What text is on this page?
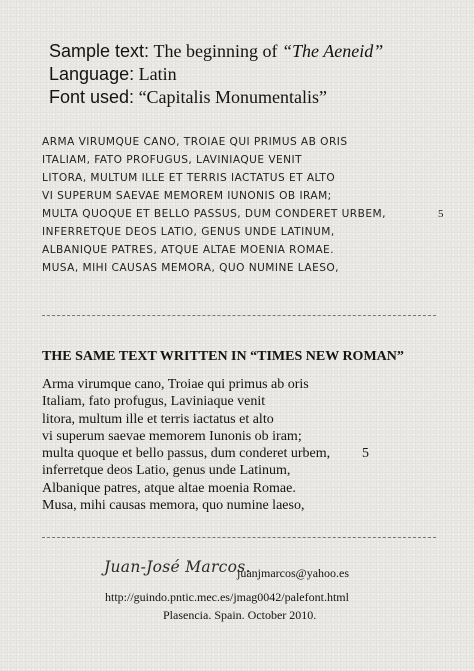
Sample text: The beginning of “The Aeneid”
Language: Latin
Font used: “Capitalis Monumentalis”
ARMA VIRUMQUE CANO, TROIAE QUI PRIMUS AB ORIS
ITALIAM, FATO PROFUGUS, LAVINIAQUE VENIT
LITORA, MULTUM ILLE ET TERRIS IACTATUS ET ALTO
VI SUPERUM SAEVAE MEMOREM IUNONIS OB IRAM;
MULTA QUOQUE ET BELLO PASSUS, DUM CONDERET URBEM,	5
INFERRETQUE DEOS LATIO, GENUS UNDE LATINUM,
ALBANIQUE PATRES, ATQUE ALTAE MOENIA ROMAE.
MUSA, MIHI CAUSAS MEMORA, QUO NUMINE LAESO,
THE SAME TEXT WRITTEN IN “TIMES NEW ROMAN”
Arma virumque cano, Troiae qui primus ab oris
Italiam, fato profugus, Laviniaque venit
litora, multum ille et terris iactatus et alto
vi superum saevae memorem Iunonis ob iram;
multa quoque et bello passus, dum conderet urbem, 5
inferretque deos Latio, genus unde Latinum,
Albanique patres, atque altae moenia Romae.
Musa, mihi causas memora, quo numine laeso,
Juan-José Marcos.
juanjmarcos@yahoo.es
http://guindo.pntic.mec.es/jmag0042/palefont.html
Plasencia. Spain. October 2010.
